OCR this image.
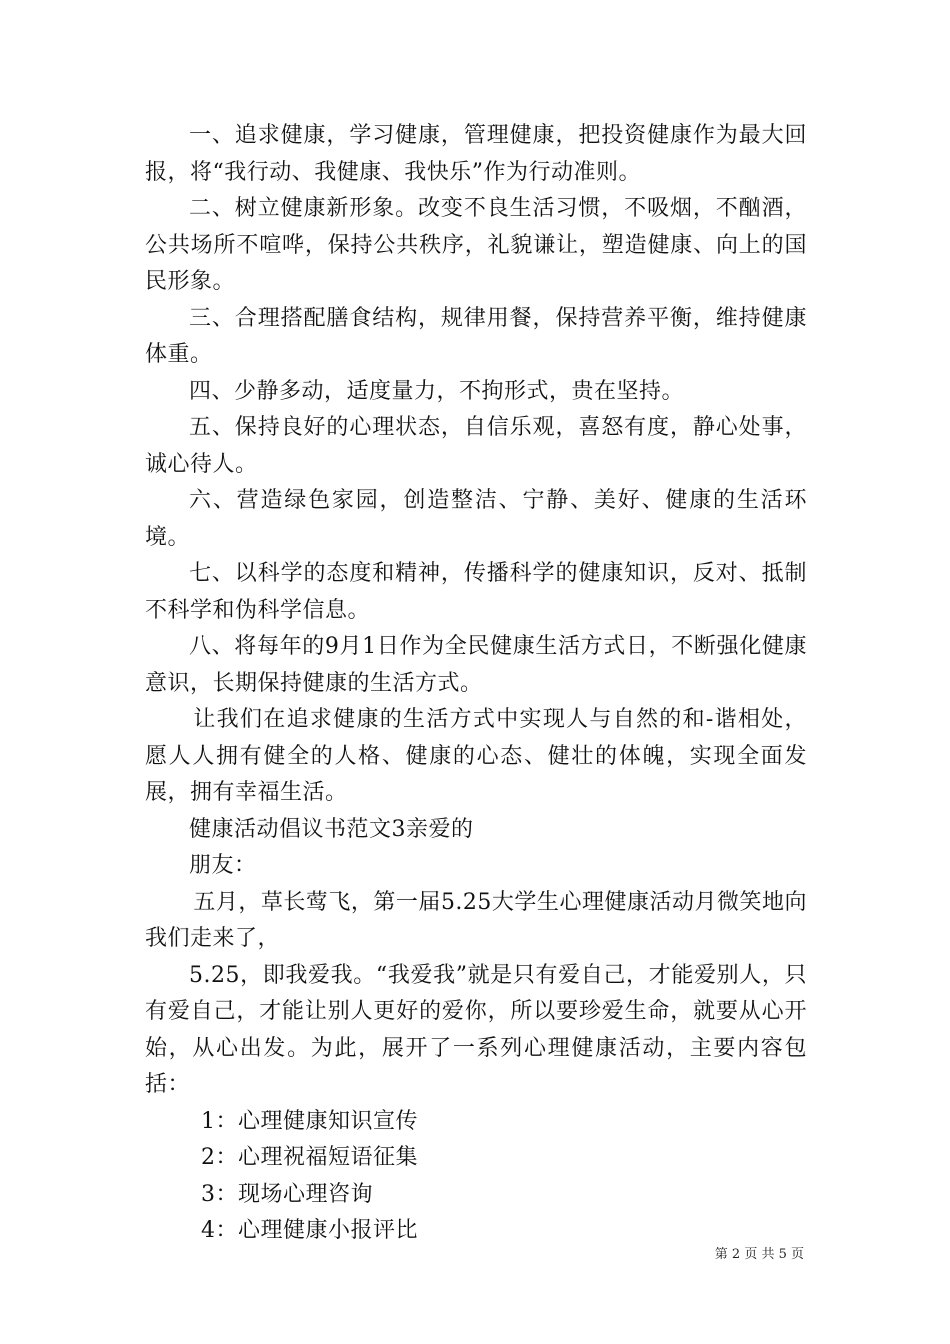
一、追求健康，学习健康，管理健康，把投资健康作为最大回报，将“我行动、我健康、我快乐”作为行动准则。

二、树立健康新形象。改变不良生活习惯，不吸烟，不酗酒，公共场所不喧哗，保持公共秩序，礼貌谦让，塑造健康、向上的国民形象。

三、合理搭配膳食结构，规律用餐，保持营养平衡，维持健康体重。

四、少静多动，适度量力，不拘形式，贵在坚持。

五、保持良好的心理状态，自信乐观，喜怒有度，静心处事，诚心待人。

六、营造绿色家园，创造整洁、宁静、美好、健康的生活环境。

七、以科学的态度和精神，传播科学的健康知识，反对、抵制不科学和伪科学信息。

八、将每年的9月1日作为全民健康生活方式日，不断强化健康意识，长期保持健康的生活方式。

让我们在追求健康的生活方式中实现人与自然的和-谐相处，愿人人拥有健全的人格、健康的心态、健壮的体魄，实现全面发展，拥有幸福生活。

健康活动倡议书范文3亲爱的

朋友：

五月，草长莺飞，第一届5.25大学生心理健康活动月微笑地向我们走来了，

5.25，即我爱我。“我爱我”就是只有爱自己，才能爱别人，只有爱自己，才能让别人更好的爱你，所以要珍爱生命，就要从心开始，从心出发。为此，展开了一系列心理健康活动，主要内容包括：

1：心理健康知识宣传

2：心理祝福短语征集

3：现场心理咨询

4：心理健康小报评比

第 2 页 共 5 页
